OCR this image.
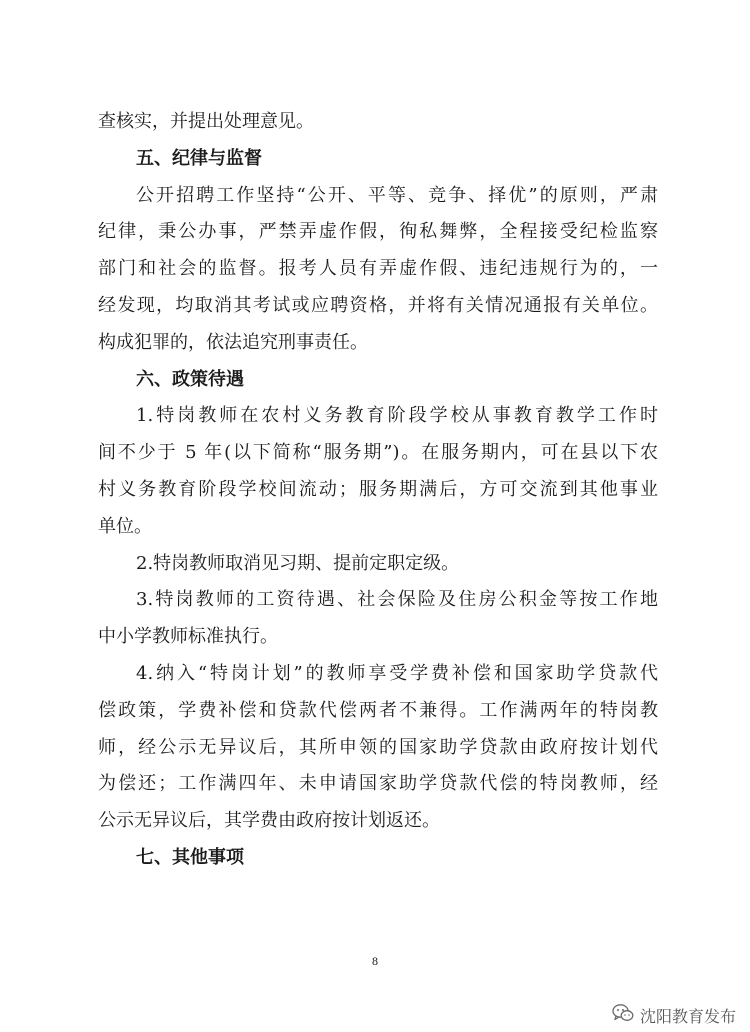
查核实，并提出处理意见。
五、纪律与监督
公开招聘工作坚持“公开、平等、竞争、择优”的原则，严肃
纪律，秉公办事，严禁弄虚作假，徇私舞弊，全程接受纪检监察
部门和社会的监督。报考人员有弄虚作假、违纪违规行为的，一
经发现，均取消其考试或应聘资格，并将有关情况通报有关单位。
构成犯罪的，依法追究刑事责任。
六、政策待遇
1.特岗教师在农村义务教育阶段学校从事教育教学工作时
间不少于 5 年(以下简称“服务期”)。在服务期内，可在县以下农
村义务教育阶段学校间流动；服务期满后，方可交流到其他事业
单位。
2.特岗教师取消见习期、提前定职定级。
3.特岗教师的工资待遇、社会保险及住房公积金等按工作地
中小学教师标准执行。
4.纳入“特岗计划”的教师享受学费补偿和国家助学贷款代
偿政策，学费补偿和贷款代偿两者不兼得。工作满两年的特岗教
师，经公示无异议后，其所申领的国家助学贷款由政府按计划代
为偿还；工作满四年、未申请国家助学贷款代偿的特岗教师，经
公示无异议后，其学费由政府按计划返还。
七、其他事项
8
沈阳教育发布
